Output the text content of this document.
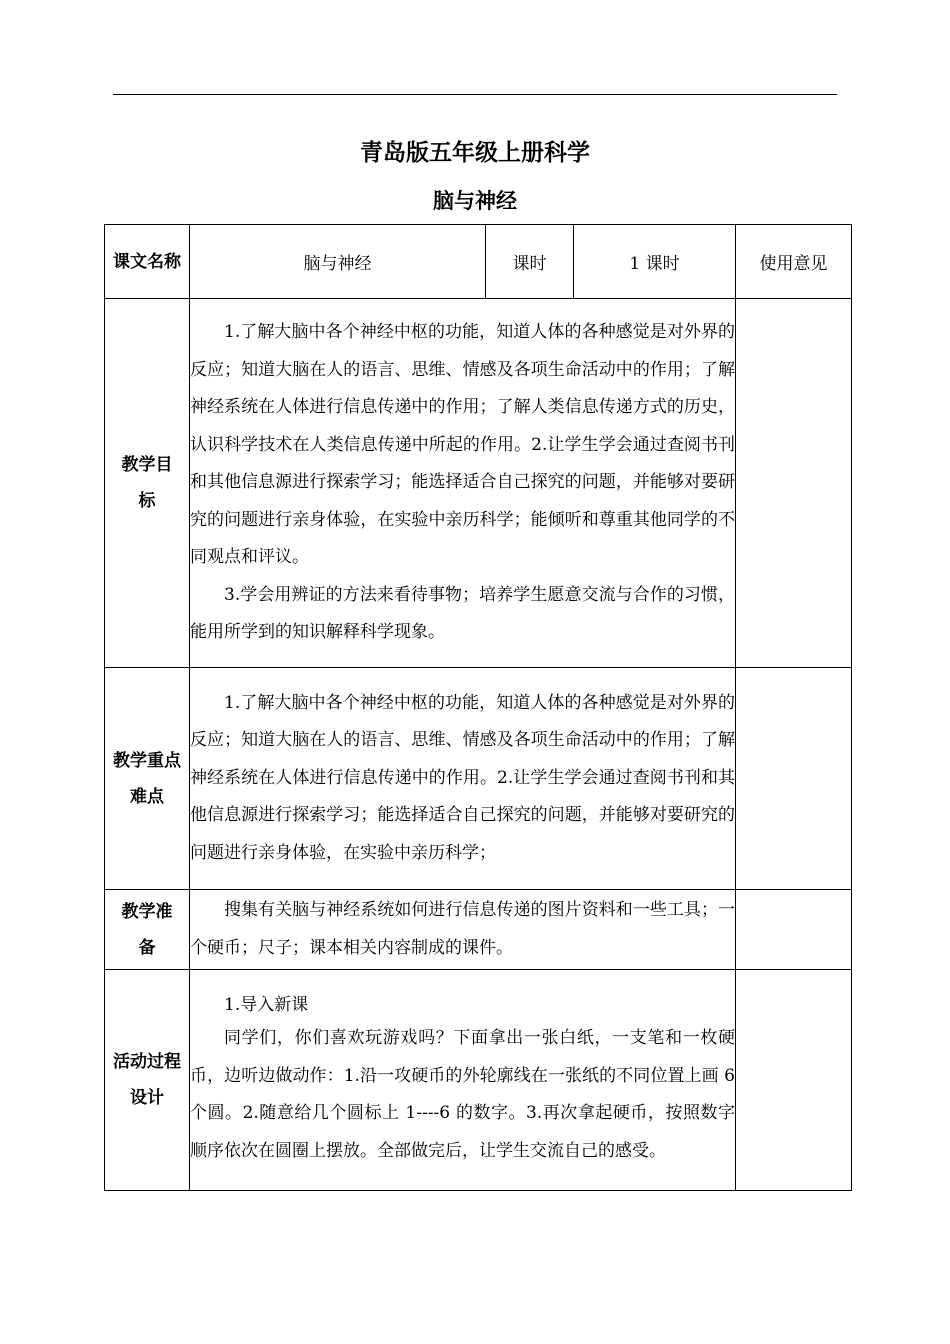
青岛版五年级上册科学
脑与神经
课文名称	脑与神经	课时	1 课时	使用意见
教学目标	1.了解大脑中各个神经中枢的功能，知道人体的各种感觉是对外界的反应；知道大脑在人的语言、思维、情感及各项生命活动中的作用；了解神经系统在人体进行信息传递中的作用；了解人类信息传递方式的历史，认识科学技术在人类信息传递中所起的作用。2.让学生学会通过查阅书刊和其他信息源进行探索学习；能选择适合自己探究的问题，并能够对要研究的问题进行亲身体验，在实验中亲历科学；能倾听和尊重其他同学的不同观点和评议。

3.学会用辨证的方法来看待事物；培养学生愿意交流与合作的习惯，能用所学到的知识解释科学现象。			

教学重点难点	1.了解大脑中各个神经中枢的功能，知道人体的各种感觉是对外界的反应；知道大脑在人的语言、思维、情感及各项生命活动中的作用；了解神经系统在人体进行信息传递中的作用。2.让学生学会通过查阅书刊和其他信息源进行探索学习；能选择适合自己探究的问题，并能够对要研究的问题进行亲身体验，在实验中亲历科学；			

教学准备	搜集有关脑与神经系统如何进行信息传递的图片资料和一些工具；一个硬币；尺子；课本相关内容制成的课件。			

活动过程设计	1.导入新课

同学们，你们喜欢玩游戏吗？下面拿出一张白纸，一支笔和一枚硬币，边听边做动作：1.沿一攻硬币的外轮廓线在一张纸的不同位置上画 6 个圆。2.随意给几个圆标上 1----6 的数字。3.再次拿起硬币，按照数字顺序依次在圆圈上摆放。全部做完后，让学生交流自己的感受。			
